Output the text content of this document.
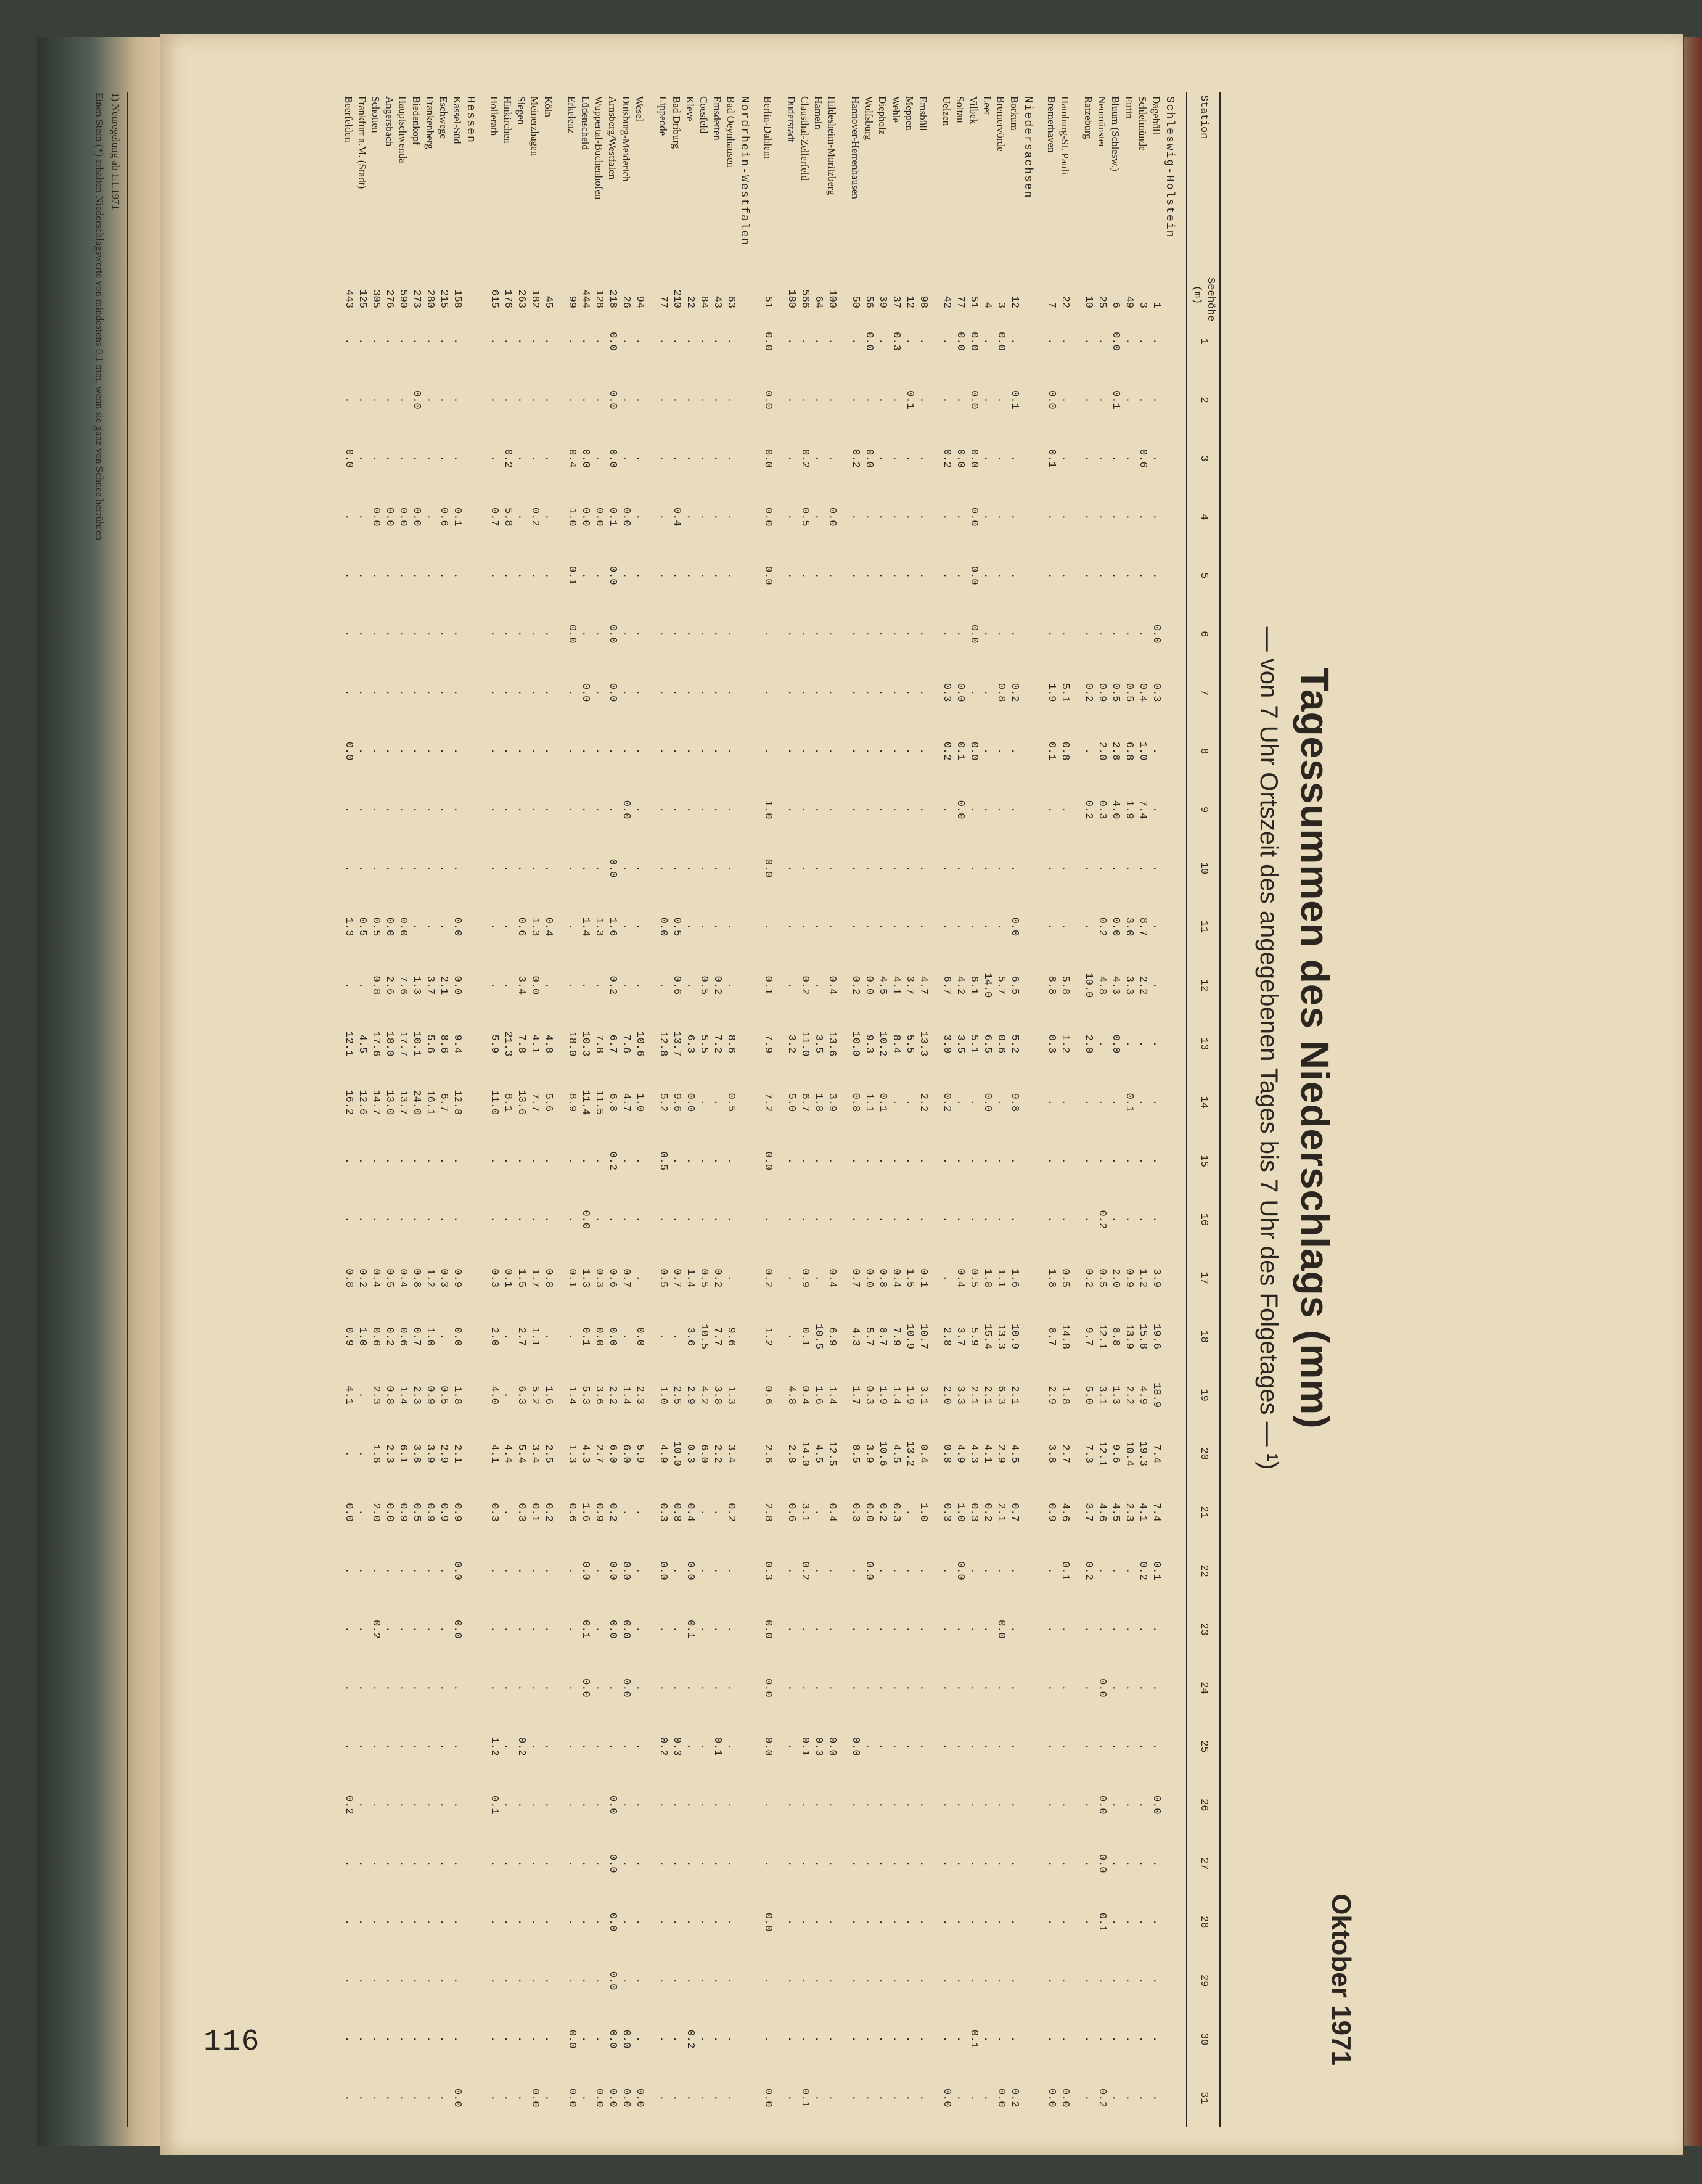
116
Tagessummen des Niederschlags (mm)
— von 7 Uhr Ortszeit des angegebenen Tages bis 7 Uhr des Folgetages — ¹)
Oktober 1971
Station	Seehöhe (m)	1	2	3	4	5	6	7	8	9	10	11	12	13	14	15	16	17	18	19	20	21	22	23	24	25	26	27	28	29	30	31
Schleswig-Holstein																																
Dagebüll	1	.	.	.	.	.	0.0	0.3	.	.	.	.	.	.	.	.	.	3.9	19.6	18.9	7.4	7.4	0.1	.	.	.	0.0	.	.	.	.	.
Schleimünde	3	.	.	0.6	.	.	.	0.4	1.0	7.4	.	8.7	2.2	.	.	.	.	1.2	15.8	4.9	19.3	4.1	0.2	.	.	.	.	.	.	.	.	.
Eutin	49	.	.	.	.	.	.	0.5	6.8	1.9	.	3.0	3.3	.	0.1	.	.	0.9	13.9	2.2	10.4	2.3	.	.	.	.	.	.	.	.	.	.
Bluum (Schlesw.)	6	0.0	0.1	.	.	.	.	0.5	2.8	4.0	.	0.0	4.3	0.0	.	.	.	2.0	8.8	1.3	9.6	4.5	.	.	.	.	.	.	.	.	.	.
Neumünster	25	.	.	.	.	.	.	0.9	2.0	0.3	.	0.2	4.8	.	.	.	0.2	0.5	12.1	3.1	12.1	4.6	.	.	0.0	.	0.0	0.0	0.1	.	.	0.2
Ratzeburg	10	.	.	.	.	.	.	0.2	.	0.2	.	.	10.0	2.0	.	.	.	0.2	9.7	5.0	7.3	3.7	0.2	.	.	.	.	.	.	.	.	.

Hamburg-St. Pauli	22	.	.	.	.	.	.	5.1	0.8	.	.	.	5.8	1.2	.	.	.	0.5	14.8	1.8	2.7	4.6	0.1	.	.	.	.	.	.	.	.	0.0
Bremerhaven	7	.	0.0	0.1	.	.	.	1.9	0.1	.	.	.	8.8	0.3	.	.	.	1.8	8.7	2.9	3.8	0.9	.	.	.	.	.	.	.	.	.	0.0
Niedersachsen																																
Borkum	12	.	0.1	.	.	.	.	0.2	.	.	.	0.0	6.5	5.2	9.8	.	.	1.6	10.9	2.1	4.5	0.7	.	.	.	.	.	.	.	.	.	0.2
Bremervörde	3	0.0	.	.	.	.	.	0.8	.	.	.	.	5.7	0.6	.	.	.	1.1	13.3	6.3	2.9	2.1	.	0.0	.	.	.	.	.	.	.	0.0
Leer	4	.	.	.	.	.	.	.	.	.	.	.	14.0	6.5	0.0	.	.	1.8	15.4	2.1	4.1	0.2	.	.	.	.	.	.	.	.	.	.
Vilbek	51	0.0	0.0	0.0	0.0	0.0	0.0	.	0.0	.	.	.	6.1	5.1	.	.	.	0.5	5.9	2.1	4.3	0.3	.	.	.	.	.	.	.	.	0.1	.
Soltau	77	0.0	.	0.0	.	.	.	0.0	0.1	0.0	.	.	4.2	3.5	.	.	.	0.4	3.7	3.3	4.9	1.0	0.0	.	.	.	.	.	.	.	.	.
Uelzen	42	.	.	0.2	.	.	.	0.3	0.2	.	.	.	6.7	3.0	0.2	.	.	.	2.8	2.0	0.8	0.3	.	.	.	.	.	.	.	.	.	0.0

Emsbüll	98	.	.	.	.	.	.	.	.	.	.	.	4.7	13.3	2.2	.	.	0.1	10.7	3.1	0.4	1.0	.	.	.	.	.	.	.	.	.	.
Meppen	12	.	0.1	.	.	.	.	.	.	.	.	.	3.7	5.5	.	.	.	1.5	10.9	1.9	13.2	.	.	.	.	.	.	.	.	.	.	.
Wehle	37	0.3	.	.	.	.	.	.	.	.	.	.	4.1	8.4	.	.	.	0.4	7.9	1.4	4.5	0.3	.	.	.	.	.	.	.	.	.	.
Diepholz	39	.	.	.	.	.	.	.	.	.	.	.	4.5	10.2	0.1	.	.	0.8	8.7	1.9	10.6	0.2	.	.	.	.	.	.	.	.	.	.
Wolfsburg	56	0.0	.	0.0	.	.	.	.	.	.	.	.	0.0	9.3	1.1	.	.	0.0	5.7	0.3	3.9	0.0	0.0	.	.	.	.	.	.	.	.	.
Hannover-Herrenhausen	50	.	.	0.2	.	.	.	.	.	.	.	.	0.2	10.0	0.8	.	.	0.7	4.3	1.7	8.5	0.3	.	.	.	0.0	.	.	.	.	.	.

Hildesheim-Moritzberg	100	.	.	.	0.0	.	.	.	.	.	.	.	0.4	13.6	3.9	.	.	0.4	6.9	1.4	12.5	0.4	.	.	.	0.0	.	.	.	.	.	.
Hameln	64	.	.	.	.	.	.	.	.	.	.	.	.	3.5	1.8	.	.	.	10.5	1.6	4.5	.	.	.	.	0.3	.	.	.	.	.	.
Clausthal-Zellerfeld	566	.	.	0.2	0.5	.	.	.	.	.	.	.	0.2	11.0	6.7	.	.	0.9	0.1	0.4	14.0	3.1	0.2	.	.	0.1	.	.	.	.	.	0.1
Duderstadt	180	.	.	.	.	.	.	.	.	.	.	.	.	3.2	5.0	.	.	.	.	4.8	2.8	0.6	.	.	.	.	.	.	.	.	.	.

Berlin-Dahlem	51	0.0	0.0	0.0	0.0	0.0	.	.	.	1.0	0.0	.	0.1	7.9	7.2	0.0	.	0.2	1.2	0.6	2.6	2.8	0.3	0.0	0.0	0.0	.	.	0.0	.	.	0.0
Nordrhein-Westfalen																																
Bad Oeynhausen	63	.	.	.	.	.	.	.	.	.	.	.	.	8.6	0.5	.	.	.	9.6	1.3	3.4	0.2	.	.	.	.	.	.	.	.	.	.
Emsdetten	43	.	.	.	.	.	.	.	.	.	.	.	0.2	7.2	.	.	.	0.2	7.7	3.8	2.2	.	.	.	.	0.1	.	.	.	.	.	.
Coesfeld	84	.	.	.	.	.	.	.	.	.	.	.	0.5	5.5	.	.	.	0.5	10.5	4.2	6.0	.	.	.	.	.	.	.	.	.	.	.
Kleve	22	.	.	.	.	.	.	.	.	.	.	.	.	6.3	0.0	.	.	1.4	3.6	2.9	0.3	0.4	0.0	0.1	.	.	.	.	.	.	0.2	.
Bad Driburg	210	.	.	.	0.4	.	.	.	.	.	.	0.5	0.6	13.7	9.6	.	.	0.7	.	2.5	10.0	0.8	.	.	.	0.3	.	.	.	.	.	.
Lippeode	77	.	.	.	.	.	.	.	.	.	.	0.0	.	12.8	5.2	0.5	.	0.5	.	1.0	4.9	0.3	0.0	.	.	0.2	.	.	.	.	.	.

Wesel	94	.	.	.	.	.	.	.	.	.	.	.	.	10.6	1.0	.	.	.	0.0	2.3	5.9	.	.	.	.	.	.	.	.	.	.	0.0
Duisburg-Meiderich	26	.	.	.	0.0	.	.	.	.	0.0	.	.	.	7.6	4.7	.	.	0.7	.	1.4	6.0	.	0.0	0.0	0.0	.	.	.	.	.	0.0	0.0
Arnsberg/Westfalen	218	0.0	0.0	0.0	0.1	0.0	0.0	0.0	.	.	0.0	1.6	0.2	6.7	6.8	0.2	.	0.6	0.0	2.2	6.0	0.2	0.0	0.0	.	.	0.0	0.0	0.0	0.0	0.0	0.0
Wuppertal-Buchenhofen	128	.	.	.	0.0	.	.	.	.	.	.	1.3	.	7.8	11.5	.	.	0.3	0.0	3.6	2.7	0.9	.	.	.	.	.	.	.	.	.	0.0
Lüdenscheid	444	.	.	0.0	0.0	.	.	0.0	.	.	.	1.4	.	10.3	11.4	.	0.0	1.3	0.1	5.3	4.3	1.6	0.0	0.1	0.0	.	.	.	.	.	.	.
Erkelenz	99	.	.	0.4	1.0	0.1	0.0	.	.	.	.	.	.	18.0	8.9	.	.	0.1	.	1.4	1.3	0.6	.	.	.	.	.	.	.	.	0.0	0.0

Köln	45	.	.	.	.	.	.	.	.	.	.	0.4	.	4.8	5.6	.	.	0.8	.	1.6	2.5	0.2	.	.	.	.	.	.	.	.	.	.
Meinerzhagen	182	.	.	.	0.2	.	.	.	.	.	.	1.3	0.0	4.1	7.7	.	.	1.7	1.1	5.2	3.4	0.1	.	.	.	.	.	.	.	.	.	0.0
Siegen	263	.	.	.	.	.	.	.	.	.	.	0.6	3.4	7.8	13.6	.	.	1.5	2.7	6.3	5.4	0.3	.	.	.	0.2	.	.	.	.	.	.
Hinkirchen	176	.	.	0.2	5.8	.	.	.	.	.	.	.	.	21.3	8.1	.	.	0.1	.	.	4.4	.	.	.	.	.	.	.	.	.	.	.
Hollerath	615	.	.	.	0.7	.	.	.	.	.	.	.	.	5.9	11.0	.	.	0.3	2.0	4.0	4.1	0.3	.	.	.	1.2	0.1	.	.	.	.	.
Hessen																																
Kassel-Süd	158	.	.	.	0.1	.	.	.	.	.	.	0.0	0.0	9.4	12.8	.	.	0.9	0.0	1.8	2.1	0.9	0.0	0.0	.	.	.	.	.	.	.	0.0
Eschwege	215	.	.	.	0.6	.	.	.	.	.	.	.	2.1	8.6	6.7	.	.	0.3	.	0.5	2.9	0.9	.	.	.	.	.	.	.	.	.	.
Frankenberg	280	.	.	.	.	.	.	.	.	.	.	.	3.7	5.6	16.1	.	.	1.2	1.0	0.9	3.9	0.9	.	.	.	.	.	.	.	.	.	.
Biedenkopf	273	.	0.0	.	0.0	.	.	.	.	.	.	.	1.3	10.1	24.0	.	.	0.8	0.7	2.3	3.8	0.5	.	.	.	.	.	.	.	.	.	.
Hauptschwenda	590	.	.	.	0.0	.	.	.	.	.	.	0.0	7.6	17.7	13.7	.	.	0.4	0.6	1.4	6.1	0.9	.	.	.	.	.	.	.	.	.	.
Angersbach	276	.	.	.	0.0	.	.	.	.	.	.	0.0	2.6	18.0	13.0	.	.	0.5	0.2	0.8	2.3	0.0	.	.	.	.	.	.	.	.	.	.
Schotten	305	.	.	.	0.0	.	.	.	.	.	.	0.5	0.8	17.6	14.7	.	.	0.4	0.6	2.3	1.6	2.0	.	0.2	.	.	.	.	.	.	.	.
Frankfurt a.M. (Stadt)	125	.	.	.	.	.	.	.	.	.	.	0.5	.	4.5	12.6	.	.	0.2	1.0	.	.	.	.	.	.	.	.	.	.	.	.	.
Beerfelden	443	.	.	0.0	.	.	.	.	0.0	.	.	1.3	.	12.1	16.2	.	.	0.8	0.9	4.1	.	0.0	.	.	.	.	0.2	.	.	.	.	.
1) Neuregelung ab 1.1.1971
Einen Stern (*) erhalten Niederschlagswerte von mindestens 0,1 mm, wenn sie ganz von Schnee herrühren
